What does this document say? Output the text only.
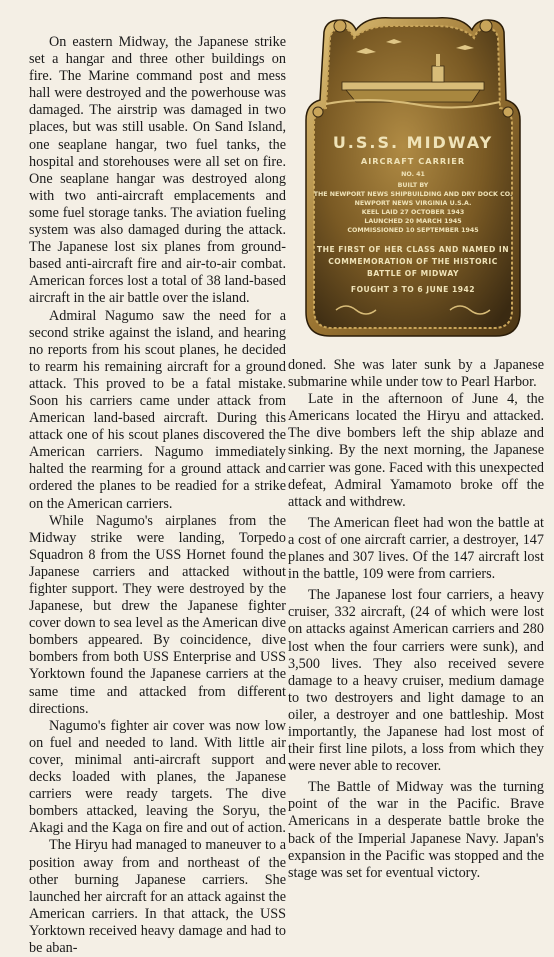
On eastern Midway, the Japanese strike set a hangar and three other buildings on fire. The Marine command post and mess hall were destroyed and the powerhouse was damaged. The airstrip was damaged in two places, but was still usable. On Sand Island, one seaplane hangar, two fuel tanks, the hospital and storehouses were all set on fire. One seaplane hangar was destroyed along with two anti-aircraft emplacements and some fuel storage tanks. The aviation fueling system was also damaged during the attack. The Japanese lost six planes from ground-based anti-aircraft fire and air-to-air combat. American forces lost a total of 38 land-based aircraft in the air battle over the island.

Admiral Nagumo saw the need for a second strike against the island, and hearing no reports from his scout planes, he decided to rearm his remaining aircraft for a ground attack. This proved to be a fatal mistake. Soon his carriers came under attack from American land-based aircraft. During this attack one of his scout planes discovered the American carriers. Nagumo immediately halted the rearming for a ground attack and ordered the planes to be readied for a strike on the American carriers.

While Nagumo's airplanes from the Midway strike were landing, Torpedo Squadron 8 from the USS Hornet found the Japanese carriers and attacked without fighter support. They were destroyed by the Japanese, but drew the Japanese fighter cover down to sea level as the American dive bombers appeared. By coincidence, dive bombers from both USS Enterprise and USS Yorktown found the Japanese carriers at the same time and attacked from different directions.

Nagumo's fighter air cover was now low on fuel and needed to land. With little air cover, minimal anti-aircraft support and decks loaded with planes, the Japanese carriers were ready targets. The dive bombers attacked, leaving the Soryu, the Akagi and the Kaga on fire and out of action.

The Hiryu had managed to maneuver to a position away from and northeast of the other burning Japanese carriers. She launched her aircraft for an attack against the American carriers. In that attack, the USS Yorktown received heavy damage and had to be aban-

U.S.S. MIDWAY
AIRCRAFT CARRIER
NO. 41
BUILT BY
THE NEWPORT NEWS SHIPBUILDING AND DRY DOCK CO.
NEWPORT NEWS VIRGINIA U.S.A.
KEEL LAID 27 OCTOBER 1943
LAUNCHED 20 MARCH 1945
COMMISSIONED 10 SEPTEMBER 1945
THE FIRST OF HER CLASS AND NAMED IN
COMMEMORATION OF THE HISTORIC
BATTLE OF MIDWAY
FOUGHT 3 TO 6 JUNE 1942

doned. She was later sunk by a Japanese submarine while under tow to Pearl Harbor.

Late in the afternoon of June 4, the Americans located the Hiryu and attacked. The dive bombers left the ship ablaze and sinking. By the next morning, the Japanese carrier was gone. Faced with this unexpected defeat, Admiral Yamamoto broke off the attack and withdrew.

The American fleet had won the battle at a cost of one aircraft carrier, a destroyer, 147 planes and 307 lives. Of the 147 aircraft lost in the battle, 109 were from carriers.

The Japanese lost four carriers, a heavy cruiser, 332 aircraft, (24 of which were lost on attacks against American carriers and 280 lost when the four carriers were sunk), and 3,500 lives. They also received severe damage to a heavy cruiser, medium damage to two destroyers and light damage to an oiler, a destroyer and one battleship. Most importantly, the Japanese had lost most of their first line pilots, a loss from which they were never able to recover.

The Battle of Midway was the turning point of the war in the Pacific. Brave Americans in a desperate battle broke the back of the Imperial Japanese Navy. Japan's expansion in the Pacific was stopped and the stage was set for eventual victory.
